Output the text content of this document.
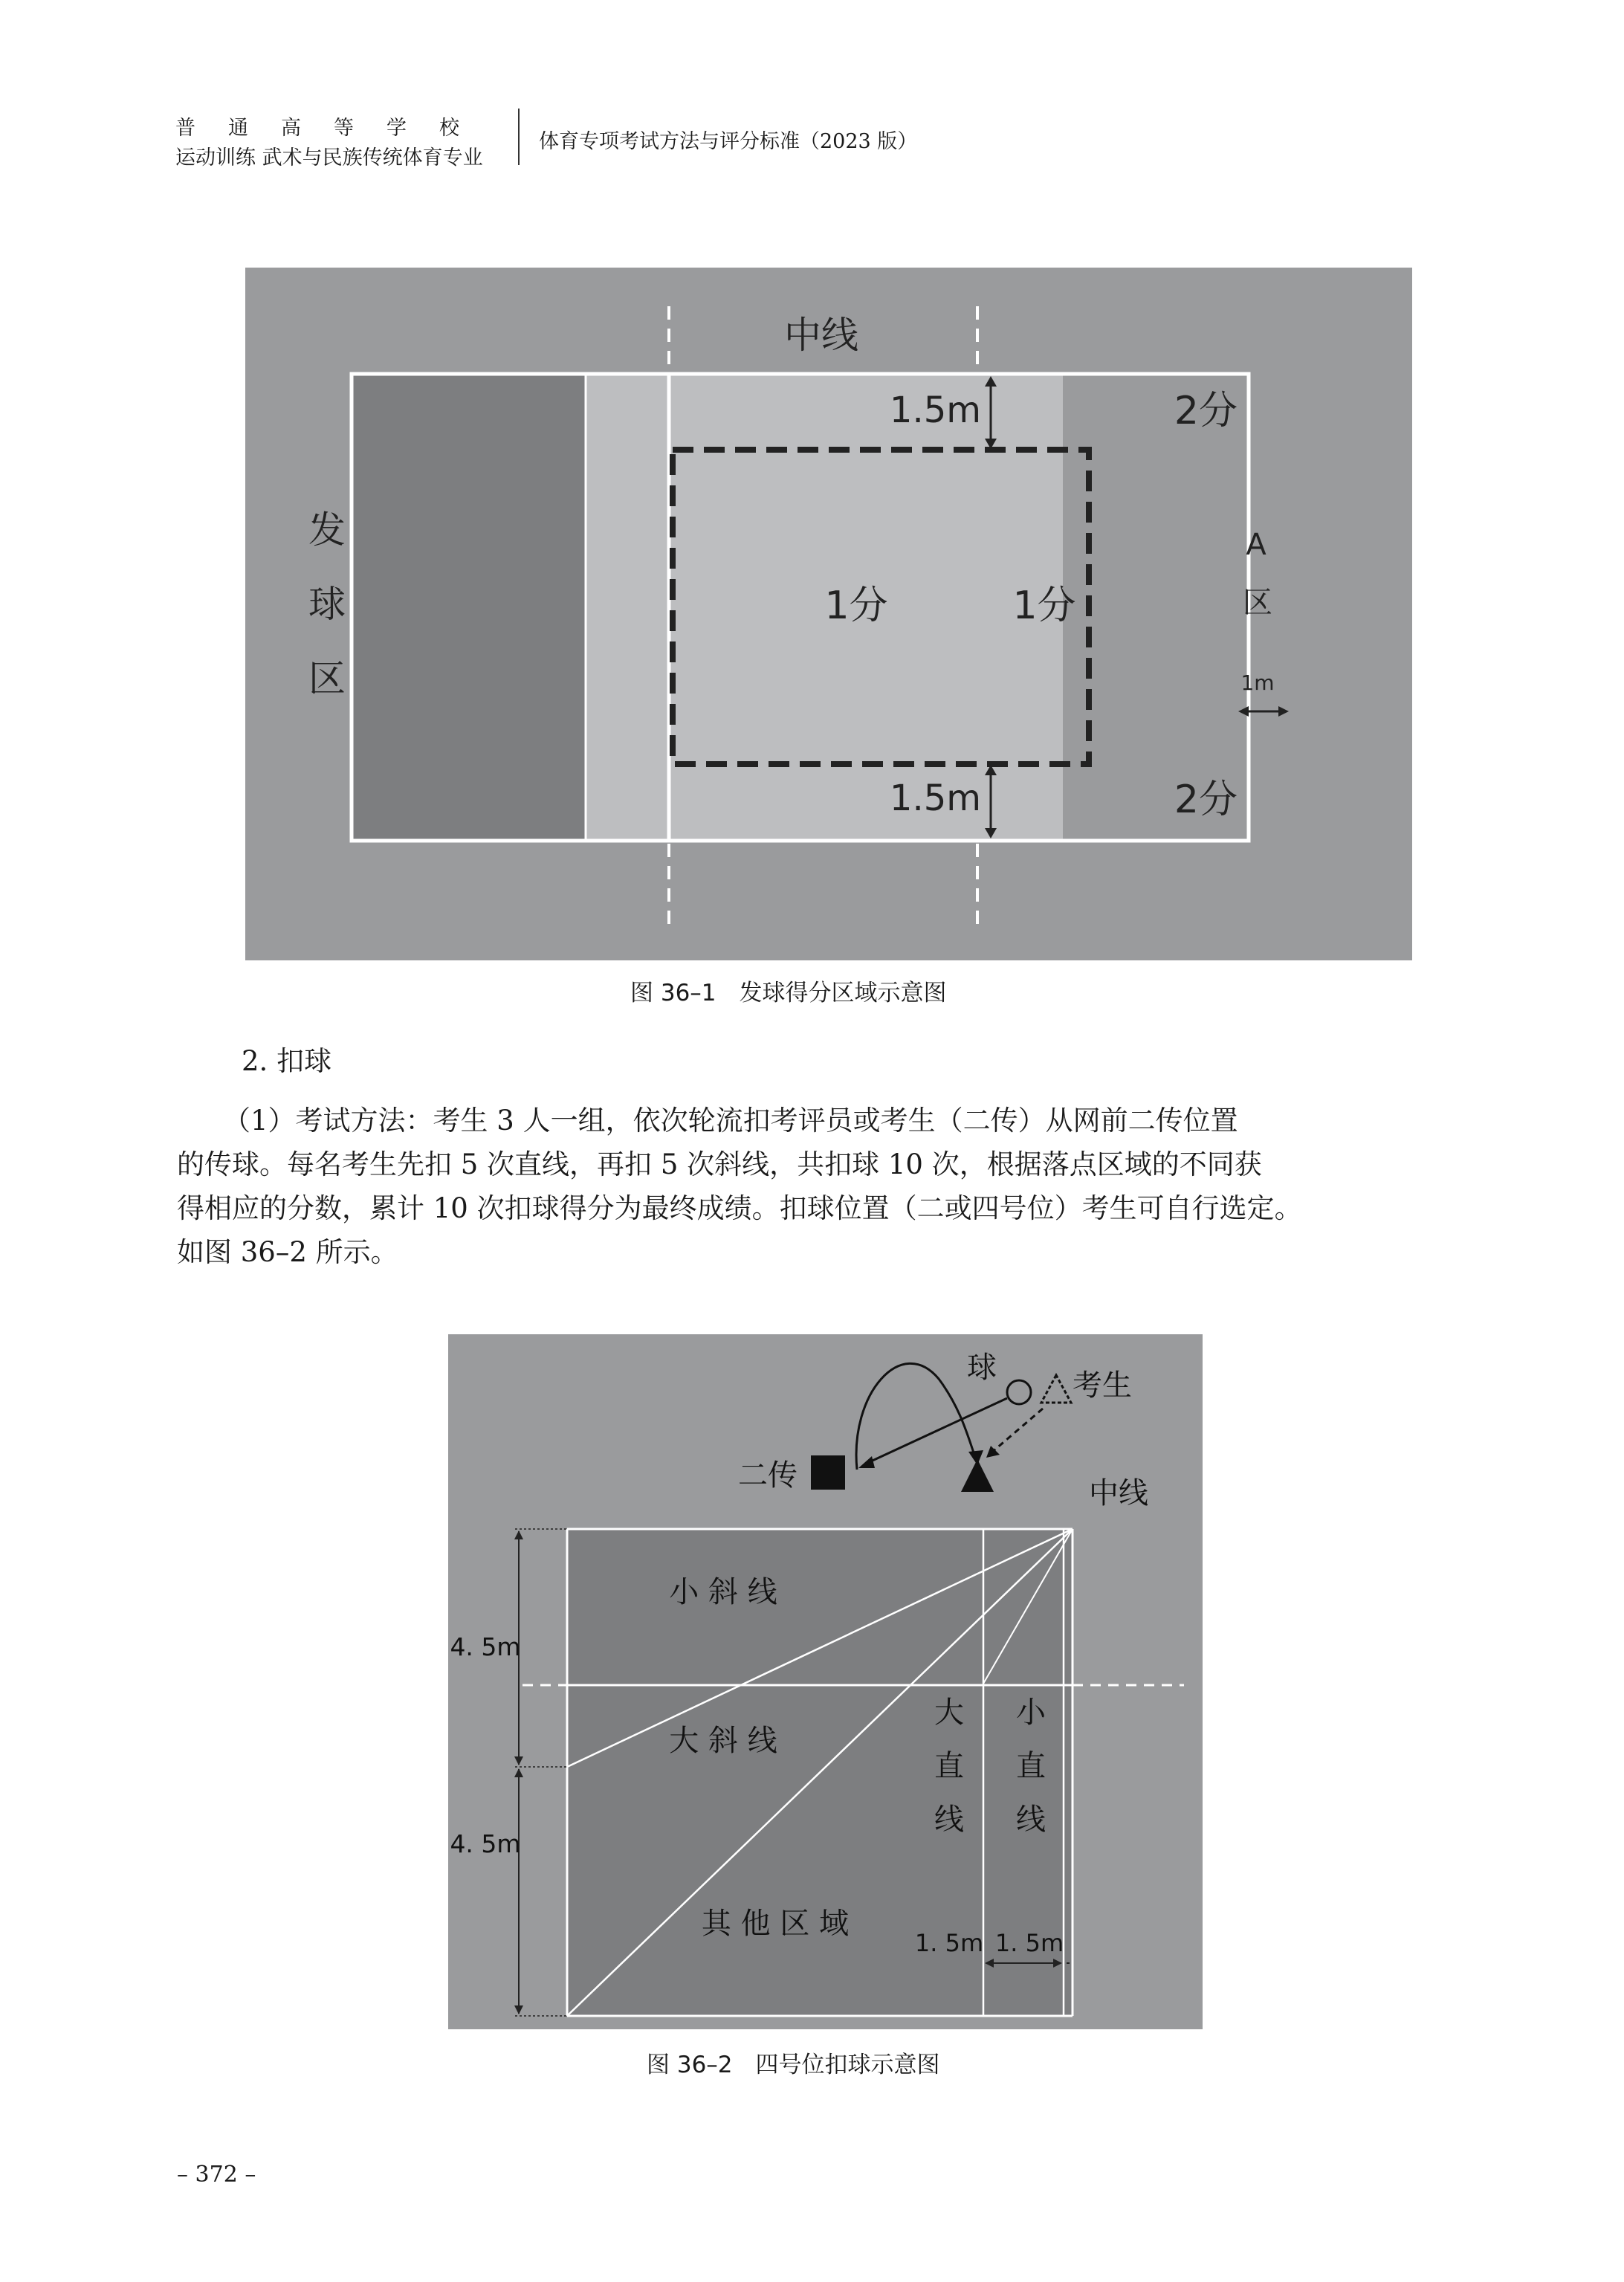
普通高等学校
运动训练 武术与民族传统体育专业
体育专项考试方法与评分标准（2023 版）
中线
发
球
区
1.5m
1.5m
2分
2分
1分	1分
A
区
1m
图 36–1　发球得分区域示意图
2. 扣球
（1）考试方法：考生 3 人一组，依次轮流扣考评员或考生（二传）从网前二传位置
的传球。每名考生先扣 5 次直线，再扣 5 次斜线，共扣球 10 次，根据落点区域的不同获
得相应的分数，累计 10 次扣球得分为最终成绩。扣球位置（二或四号位）考生可自行选定。
如图 36–2 所示。
球
考生
二传
中线
4. 5m
4. 5m
小 斜 线
大 斜 线
其 他 区 域
大
直
线
小
直
线
1. 5m 1. 5m
图 36–2　四号位扣球示意图
– 372 –
